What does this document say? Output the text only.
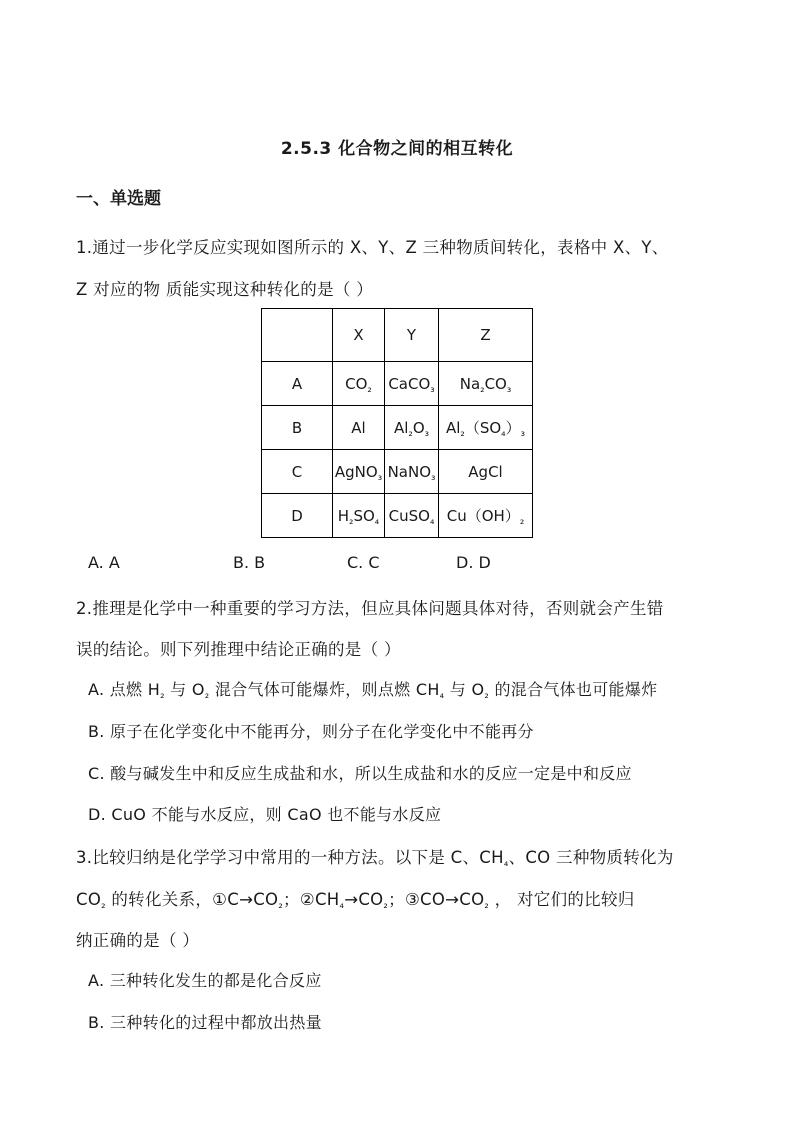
2.5.3 化合物之间的相互转化
一、单选题
1.通过一步化学反应实现如图所示的 X、Y、Z 三种物质间转化，表格中 X、Y、
Z 对应的物 质能实现这种转化的是（ ）
	X	Y	Z
A	$CO_{_2}$	CaCO$_{_3}$	$Na_{_2}CO_{_3}$
B	Al	$Al_{_2}O_{_3}$	$Al_{_2}(SO_{_4})_{_3}$
C	AgNO$_{_3}$	NaNO$_{_3}$	AgCl
D	$H_{_2}SO_{_4}$	CuSO$_{_4}$	$Cu(OH)_{_2}$
A. A	B. B	C. C	D. D
2.推理是化学中一种重要的学习方法，但应具体问题具体对待，否则就会产生错
误的结论。则下列推理中结论正确的是（ ）
A. 点燃 $H_{_2}$ 与 $O_{_2}$ 混合气体可能爆炸，则点燃 $CH_{_4}$ 与 $O_{_2}$ 的混合气体也可能爆炸
B. 原子在化学变化中不能再分，则分子在化学变化中不能再分
C. 酸与碱发生中和反应生成盐和水，所以生成盐和水的反应一定是中和反应
D. CuO 不能与水反应，则 CaO 也不能与水反应
3.比较归纳是化学学习中常用的一种方法。以下是 C、$CH_{_4}$、CO 三种物质转化为
$CO_{_2}$ 的转化关系，$①C\to CO_{_2}$；$②CH_{_4}\to CO_{_2}$；$③CO\to CO_{_2}$ ， 对它们的比较归
纳正确的是（ ）
A. 三种转化发生的都是化合反应
B. 三种转化的过程中都放出热量
